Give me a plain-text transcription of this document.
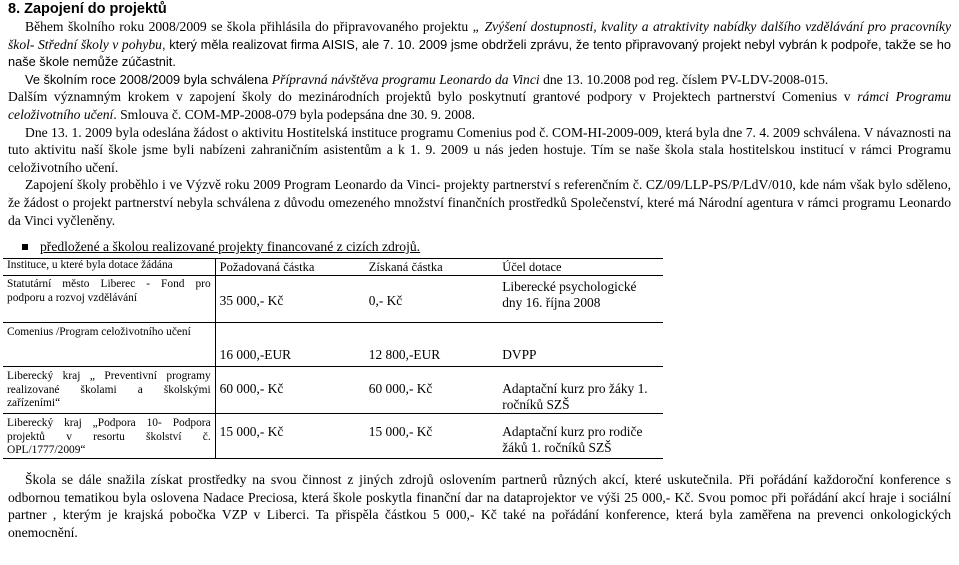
8. Zapojení do projektů

Během školního roku 2008/2009 se škola přihlásila do připravovaného projektu „ Zvýšení dostupnosti, kvality a atraktivity nabídky dalšího vzdělávání pro pracovníky škol- Střední školy v pohybu, který měla realizovat firma AISIS, ale 7. 10. 2009 jsme obdrželi zprávu, že tento připravovaný projekt nebyl vybrán k podpoře, takže se ho naše škole nemůže zúčastnit.

Ve školním roce 2008/2009 byla schválena Přípravná návštěva programu Leonardo da Vinci dne 13. 10.2008 pod reg. číslem PV-LDV-2008-015.

Dalším významným krokem v zapojení školy do mezinárodních projektů bylo poskytnutí grantové podpory v Projektech partnerství Comenius v rámci Programu celoživotního učení. Smlouva č. COM-MP-2008-079 byla podepsána dne 30. 9. 2008.

Dne 13. 1. 2009 byla odeslána žádost o aktivitu Hostitelská instituce programu Comenius pod č. COM-HI-2009-009, která byla dne 7. 4. 2009 schválena. V návaznosti na tuto aktivitu naší škole jsme byli nabízeni zahraničním asistentům a k 1. 9. 2009 u nás jeden hostuje. Tím se naše škola stala hostitelskou institucí v rámci Programu celoživotního učení.

Zapojení školy proběhlo i ve Výzvě roku 2009 Program Leonardo da Vinci- projekty partnerství s referenčním č. CZ/09/LLP-PS/P/LdV/010, kde nám však bylo sděleno, že žádost o projekt partnerství nebyla schválena z důvodu omezeného množství finančních prostředků Společenství, které má Národní agentura v rámci programu Leonardo da Vinci vyčleněny.

předložené a školou realizované projekty financované z cizích zdrojů.
Instituce, u které byla dotace žádána	Požadovaná částka	Získaná částka	Účel dotace
Statutární město Liberec - Fond pro podporu a rozvoj vzdělávání	35 000,- Kč	0,- Kč	Liberecké psychologické dny 16. října 2008
Comenius /Program celoživotního učení	16 000,-EUR	12 800,-EUR	DVPP
Liberecký kraj „ Preventivní programy realizované školami a školskými zařízeními“	60 000,- Kč	60 000,- Kč	Adaptační kurz pro žáky 1. ročníků SZŠ
Liberecký kraj „Podpora 10- Podpora projektů v resortu školství č. OPL/1777/2009“	15 000,- Kč	15 000,- Kč	Adaptační kurz pro rodiče žáků 1. ročníků SZŠ

Škola se dále snažila získat prostředky na svou činnost z jiných zdrojů oslovením partnerů různých akcí, které uskutečnila. Při pořádání každoroční konference s odbornou tematikou byla oslovena Nadace Preciosa, která škole poskytla finanční dar na dataprojektor ve výši 25 000,- Kč. Svou pomoc při pořádání akcí hraje i sociální partner , kterým je krajská pobočka VZP v Liberci. Ta přispěla částkou 5 000,- Kč také na pořádání konference, která byla zaměřena na prevenci onkologických onemocnění.
